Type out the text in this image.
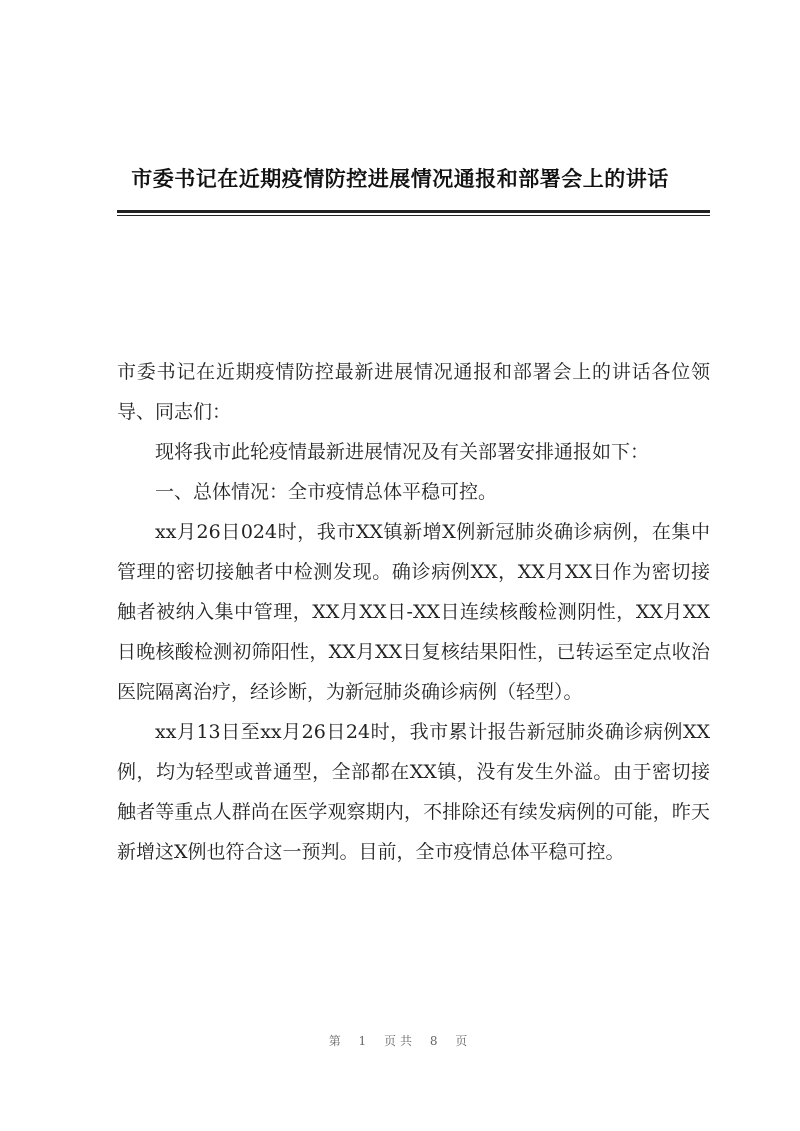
市委书记在近期疫情防控进展情况通报和部署会上的讲话

市委书记在近期疫情防控最新进展情况通报和部署会上的讲话各位领导、同志们：

现将我市此轮疫情最新进展情况及有关部署安排通报如下：

一、总体情况：全市疫情总体平稳可控。

xx月26日024时，我市XX镇新增X例新冠肺炎确诊病例，在集中管理的密切接触者中检测发现。确诊病例XX，XX月XX日作为密切接触者被纳入集中管理，XX月XX日-XX日连续核酸检测阴性，XX月XX日晚核酸检测初筛阳性，XX月XX日复核结果阳性，已转运至定点收治医院隔离治疗，经诊断，为新冠肺炎确诊病例（轻型）。

xx月13日至xx月26日24时，我市累计报告新冠肺炎确诊病例XX例，均为轻型或普通型，全部都在XX镇，没有发生外溢。由于密切接触者等重点人群尚在医学观察期内，不排除还有续发病例的可能，昨天新增这X例也符合这一预判。目前，全市疫情总体平稳可控。

第 1 页共 8 页
